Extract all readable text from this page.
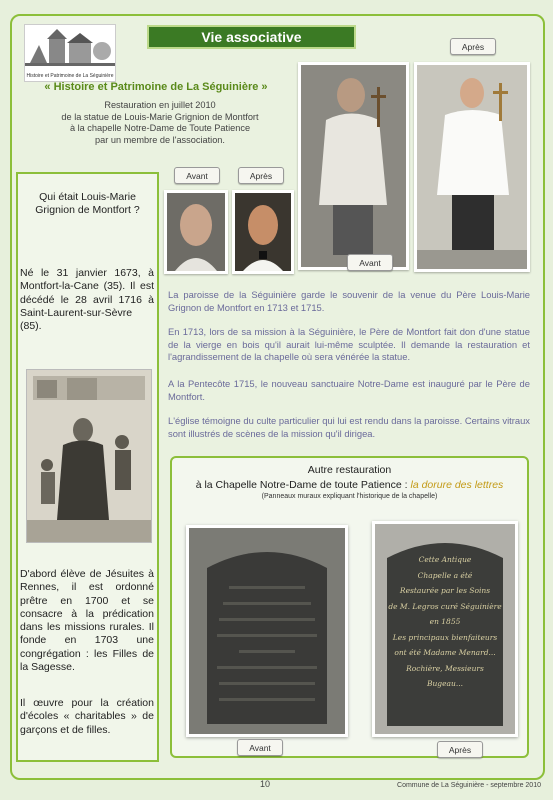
Histoire et Patrimoine de La Séguinière
Vie associative
« Histoire et Patrimoine de La Séguinière »
Restauration en juillet 2010
de la statue de Louis-Marie Grignion de Montfort
à la chapelle Notre-Dame de Toute Patience
par un membre de l'association.
Avant
Après
Avant	Après
Qui était Louis-Marie Grignion de Montfort ?
Né le 31 janvier 1673, à Montfort-la-Cane (35). Il est décédé le 28 avril 1716 à Saint-Laurent-sur-Sèvre (85).
D'abord élève de Jésuites à Rennes, il est ordonné prêtre en 1700 et se consacre à la prédication dans les missions rurales. Il fonde en 1703 une congrégation : les Filles de la Sagesse.
Il œuvre pour la création d'écoles « charitables » de garçons et de filles.
La paroisse de la Séguinière garde le souvenir de la venue du Père Louis-Marie Grignon de Montfort en 1713 et 1715.
En 1713, lors de sa mission à la Séguinière, le Père de Montfort fait don d'une statue de la vierge en bois qu'il aurait lui-même sculptée. Il demande la restauration et l'agrandissement de la chapelle où sera vénérée la statue.
A la Pentecôte 1715, le nouveau sanctuaire Notre-Dame est inauguré par le Père de Montfort.
L'église témoigne du culte particulier qui lui est rendu dans la paroisse. Certains vitraux sont illustrés de scènes de la mission qu'il dirigea.
Autre restauration
à la Chapelle Notre-Dame de toute Patience : la dorure des lettres
(Panneaux muraux expliquant l'historique de la chapelle)
Avant
Cette Antique
Chapelle a été
Restaurée par les Soins
de M. Legros curé Séguinière
en 1855
Les principaux bienfaiteurs
ont été Madame Menard...
Rochière, Messieurs Bugeau...
Après
10	Commune de La Séguinière - septembre 2010
